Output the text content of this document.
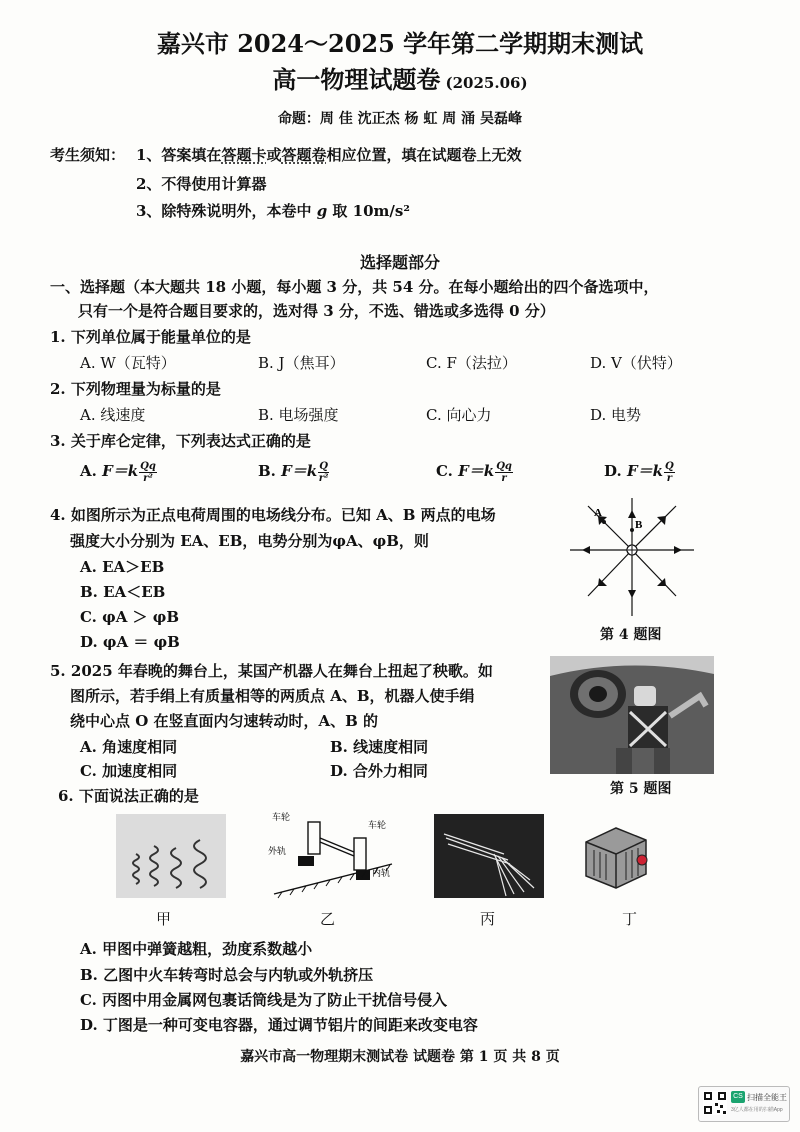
嘉兴市 2024～2025 学年第二学期期末测试
高一物理试题卷 (2025.06)
命题：周 佳 沈正杰 杨 虹 周 涌 吴磊峰
考生须知： 1、答案填在答题卡或答题卷相应位置，填在试题卷上无效
2、不得使用计算器
3、除特殊说明外，本卷中 g 取 10m/s²
选择题部分
一、选择题（本大题共 18 小题，每小题 3 分，共 54 分。在每小题给出的四个备选项中，
只有一个是符合题目要求的，选对得 3 分，不选、错选或多选得 0 分）
1. 下列单位属于能量单位的是
A. W（瓦特）	B. J（焦耳）	C. F（法拉）	D. V（伏特）
2. 下列物理量为标量的是
A. 线速度	B. 电场强度	C. 向心力	D. 电势
3. 关于库仑定律，下列表达式正确的是
A. $F=k \frac{Qq}{\text{r²}}$	B. $F=k \frac{Q}{\text{r²}}$	C. $F=k \frac{Qq}{r}$	D. $F=k \frac{Q}{r}$
4. 如图所示为正点电荷周围的电场线分布。已知 A、B 两点的电场
强度大小分别为 EA、EB，电势分别为φA、φB，则
A. EA＞EB
B. EA＜EB
C. φA ＞ φB
D. φA ＝ φB
A
B
第 4 题图
5. 2025 年春晚的舞台上，某国产机器人在舞台上扭起了秧歌。如
图所示，若手绢上有质量相等的两质点 A、B，机器人使手绢
绕中心点 O 在竖直面内匀速转动时，A、B 的
A. 角速度相同	B. 线速度相同
C. 加速度相同	D. 合外力相同
第 5 题图
6. 下面说法正确的是
甲
车轮
车轮
外轨
内轨
乙	丙	丁
A. 甲图中弹簧越粗，劲度系数越小
B. 乙图中火车转弯时总会与内轨或外轨挤压
C. 丙图中用金属网包裹话筒线是为了防止干扰信号侵入
D. 丁图是一种可变电容器，通过调节铝片的间距来改变电容
嘉兴市高一物理期末测试卷 试题卷 第 1 页 共 8 页
CS 扫描全能王
3亿人都在用的扫描App
